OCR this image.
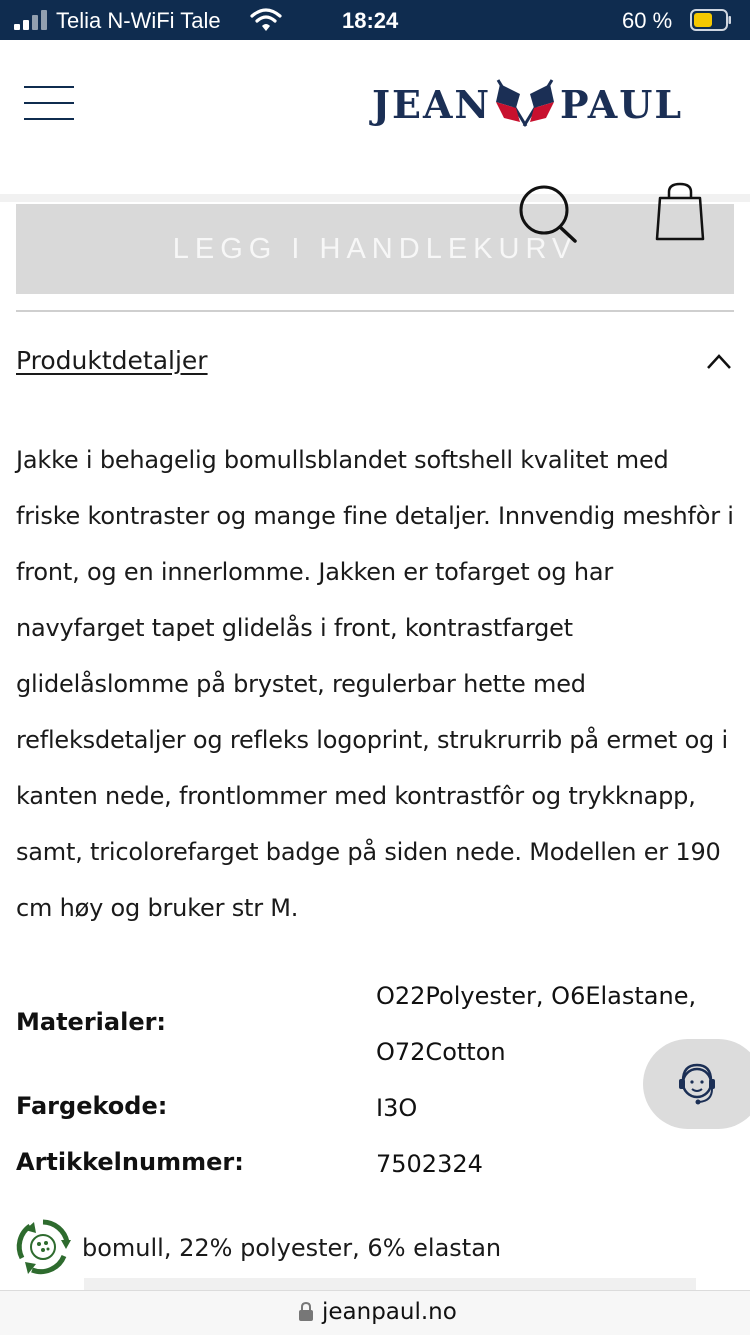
Telia N-WiFi Tale	18:24	60 %
JEAN PAUL
LEGG I HANDLEKURV
Produktdetaljer

Jakke i behagelig bomullsblandet softshell kvalitet med friske kontraster og mange fine detaljer. Innvendig meshfòr i front, og en innerlomme. Jakken er tofarget og har navyfarget tapet glidelås i front, kontrastfarget glidelåslomme på brystet, regulerbar hette med refleksdetaljer og refleks logoprint, strukrurrib på ermet og i kanten nede, frontlommer med kontrastfôr og trykknapp, samt, tricolorefarget badge på siden nede. Modellen er 190 cm høy og bruker str M.

Materialer:
O22Polyester, O6Elastane, O72Cotton
Fargekode:	I3O
Artikkelnummer:	7502324
bomull, 22% polyester, 6% elastan
jeanpaul.no
